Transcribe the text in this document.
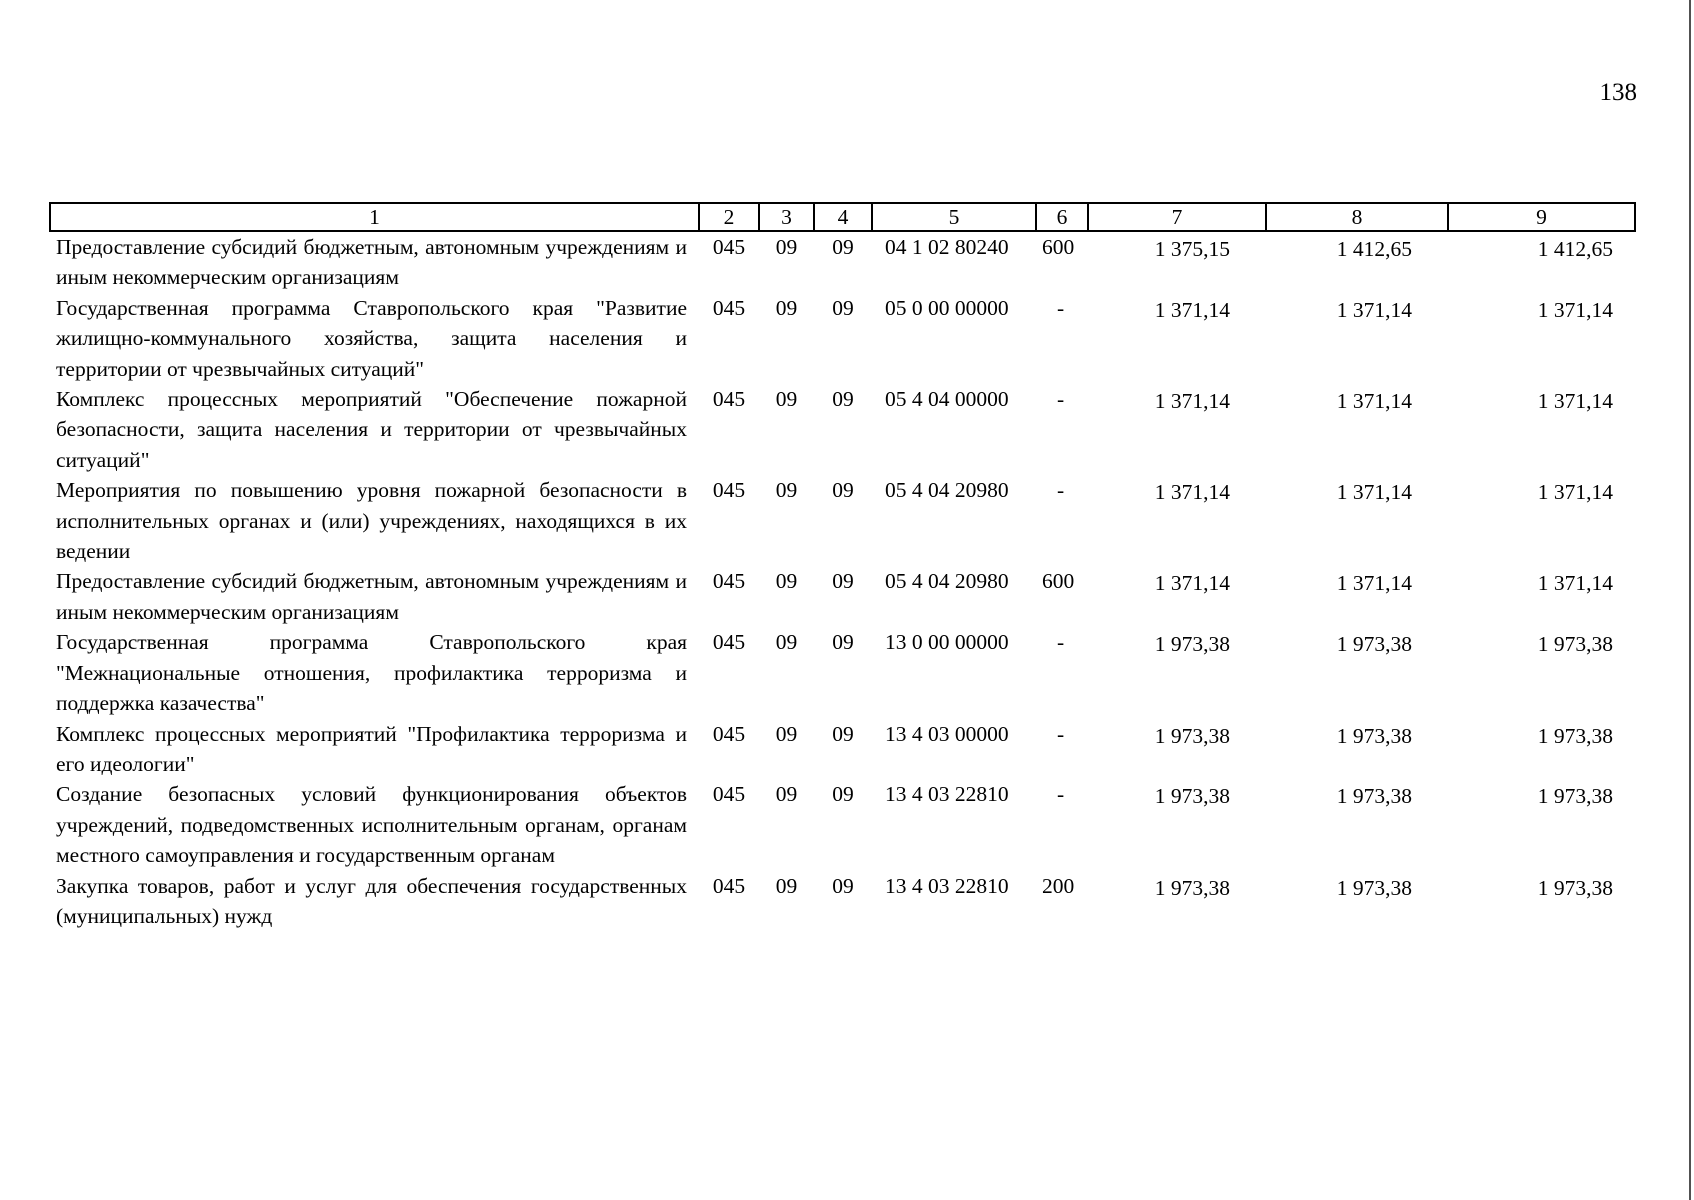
138
1	2	3	4	5	6	7	8	9
Предоставление субсидий бюджетным, автономным учреждениям и иным некоммерческим организациям	045	09	09	04 1 02 80240	600	1 375,15	1 412,65	1 412,65
Государственная программа Ставропольского края "Развитие жилищно-коммунального хозяйства, защита населения и территории от чрезвычайных ситуаций"	045	09	09	05 0 00 00000	-	1 371,14	1 371,14	1 371,14
Комплекс процессных мероприятий "Обеспечение пожарной безопасности, защита населения и территории от чрезвычайных ситуаций"	045	09	09	05 4 04 00000	-	1 371,14	1 371,14	1 371,14
Мероприятия по повышению уровня пожарной безопасности в исполнительных органах и (или) учреждениях, находящихся в их ведении	045	09	09	05 4 04 20980	-	1 371,14	1 371,14	1 371,14
Предоставление субсидий бюджетным, автономным учреждениям и иным некоммерческим организациям	045	09	09	05 4 04 20980	600	1 371,14	1 371,14	1 371,14
Государственная программа Ставропольского края "Межнациональные отношения, профилактика терроризма и поддержка казачества"	045	09	09	13 0 00 00000	-	1 973,38	1 973,38	1 973,38
Комплекс процессных мероприятий "Профилактика терроризма и его идеологии"	045	09	09	13 4 03 00000	-	1 973,38	1 973,38	1 973,38
Создание безопасных условий функционирования объектов учреждений, подведомственных исполнительным органам, органам местного самоуправления и государственным органам	045	09	09	13 4 03 22810	-	1 973,38	1 973,38	1 973,38
Закупка товаров, работ и услуг для обеспечения государственных (муниципальных) нужд	045	09	09	13 4 03 22810	200	1 973,38	1 973,38	1 973,38
